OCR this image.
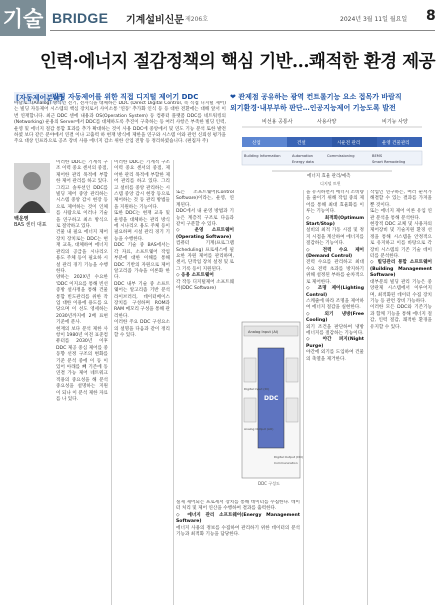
기술 BRIDGE 기계설비신문 제206호	2024년 3월 11일 월요일 8
인력·에너지 절감정책의 핵심 기반…쾌적한 환경 제공
[자동제어분야]
빌딩 자동제어를 위한 직접 디지털 제어기 DDC
아날로그(Analog) 방식인 전기, 전자식을 대체하는 DDC (Direct Digital Control, 즉 직접 디지털 제어)는 빌딩 자동제어 시스템의 핵심 장치로서 사이소통 '연동' 추가화 인식 등 등 대한 전환에는 대해 앞서 이번 연재합니다. 최근 DDC 센에 내용과 OS(Operation System) 등 컴퓨터 플랫폼 DDC를 네트워킹의(Networking) 운용의 Server에서 DDC를 대체하도록 추진이 구축하는 등 여러 사항은 부족한 빌딩 인력, 운영 및 에너지 절감 통합 효과를 추가 확대하는 것이 사용 DDC에 중앙에서 및 연도 기능 분석 또한 발전하였 보다 같은 분야에서 연결 이나 고출력 하 현재 방식에 제한을 연구와 시스템 이와 관련 신뢰성 평가을 주요 대상 인프라으로 공조 장비 사용 에너지 감소 위한 산업 전망 등 정리하였습니다. (편집자 주)
❤ 관제점 공유하는 광역 컨트롤기능 요소 접목가 바람직
외기환경·내부부하 판단…인공지능제어 기능도록 발전
비선용 공통사	사용사양	비기능 사양
신업	건설	시운전 관리	운영 건물관리
Building Information	Automation	Commissioning	BEMS
Energy data	Smart Remodeling
에너지 효율 관리/예측
디지털 트윈
백운영
BAS 센터 대표

이러한 DDC는 기계적 구조 이력 중요 센서의 중점, 제어한 관리 목적에 부합한 제어 관리를 하고 있다. 그리고 솔루션인 DDC를 빌딩 제어 중앙 관리하는 시스템 중앙 감시 현장 등으로 제어하는 것이 인체를 사람으로 이러나 기술을 연구하고 최소 방식으로 절약하고 있다.

건물 내 필요 에너지 제어 장치 장치로는 DDC는 현재 교육, 대체하여 에너지 관리의 공급을 시나리오 용도 주체 등이 필요하 시설 관리 경기 기능을 수행한다.

양하는 202X년 수요한 'DDC 이지요를 통해 빈선증방 설사정을 통해 건물 통합 빈도관리를 위한 작업 대한 이용에 용도를 요 당으며 이 선도 영세하는 2030년까지에 2배 표현 기준에 분사.

현재의 보다 분석 제한 사항이 1980년 이전 표준컴퓨터를 2030년 이후 DDC 제공 중심 제어를 중 동향 선정 구조의 변화를 기준 분석 중에 이 등 이 있어 아래를 빼 기존에 동 연결 가능 제어 네트워크 적용의 중요성을 해 분석 중요성을 설명하는 지원 이 되나 이 분석 제한 자료를 나 있다.

이러한 DDC는 기계적 구조 이력 중요 센서의 중점, 제어한 관리 목적에 부합한 제어 관리를 하고 있다. 그리고 설비를 중앙 관리하는 시스템 중앙 감시 현장 등으로 제어하는 것 등 관리 방법들을 지원하는 기능이다.

또한 DDC는 현재 교육 및 운영을 대체하는 관리 방식에 시나리오 용도 주체 등이 필요하며 시설 관리 경기 기능을 수행한다.

DDC 기술 중 BAS에서는 각 자료, 소프트웨어 작업 부분에 대한 이해를 통해 DDC 기반의 자원으로 제어 알고리즘 가속을 이론화 한다.

DDC 내부 기술 중 소프트웨어는 알고리즘 기반 분석 라이브러리, 데이터베이스 장치를 구성하며 ROM과 RAM 메모리 구성을 통해 관리한다.

이러한 주요 DDC 구성요소의 설명을 다음과 같이 정리할 수 있다.

또는 소프트웨어(Control Software)이라는, 운영, 연계된다.

DDC에서 내 운영 방법과 기능은 계층적 구조로 다음과 같이 구분할 수 있다.

◇ 운영 소프트웨어(Operating Software)

컴퓨터 기계(프로그램 Scheduling) 프로세스에 필요한 자원 제어를 관리하며, 센서, 단작업 장치 설정 및 로그 기록 등이 지원된다.

◇ 응용 소프트웨어

각 작동 디지털제어 소프트웨어(DDC Software)

DDC
Analog Input (AI)
Digital Input (DI)
Analog Output (AO)
Digital Output (DO)
Communication
DDC 구성도

실제 제어되는 프로세서 장치를 통해 데이터를 수집한다. 데이터 처리 및 제어 연산을 수행하여 결과를 출력한다.

◇ 에너지 관리 소프트웨어(Energy Management Software)

에너지 사용의 정보를 수집하여 관리하기 위한 데이터의 분석 기능과 최적화 기능을 담당한다.

을 유지하면서 에너지 소비량을 줄이기 위해 작업 중의 제어를 통해 최대 효율화를 이루는 기능이다.

◇ 최적화(Optimum Start/Stop)

설비의 최적 가동 시점 및 정지 시점을 계산하여 에너지를 절감하는 기능이다.

◇ 전력 수요 제어(Demand Control)

전력 수요를 관리하고 최대 수요 전력 초과를 방지하기 위해 설정된 부하를 순차적으로 제어한다.

◇ 조명 제어(Lighting Control)

스케줄에 따라 조명을 제어하여 에너지 절감을 실현한다.

◇ 외기 냉방(Free Cooling)

외기 조건을 판단하여 냉방 에너지를 절감하는 기능이다.

◇ 야간 퍼지(Night Purge)

야간에 외기를 도입하여 건물의 축열을 제거한다.

작업인 연구하는, 여러 순서가 해결할 수 있는 결과를 가져올 뿐 것이다.

또는 에너지 제어 이론 유입 연관 분석을 통해 분석한다.

현장적 DDC 교체 및 사용자의 제어장비 및 기술지원 환경 선정을 통해 시스템을 안정적으로 유지하고 이를 바탕으로 각 장비 시스템의 기존 기술 데이터를 분석한다.

◇ 빌딩관리 통합 소프트웨어(Building Management Software)

대부분의 빌딩 관리 기능은 중앙관제 시스템에서 이루어지며, 최적화된 데이터 수집 장치 기능 등 관련 장비 가능하다.

이러한 모든 DDC와 기존기능과 함께 기능을 통해 에너지 절감, 인력 절감, 쾌적한 환경을 유지할 수 있다.
